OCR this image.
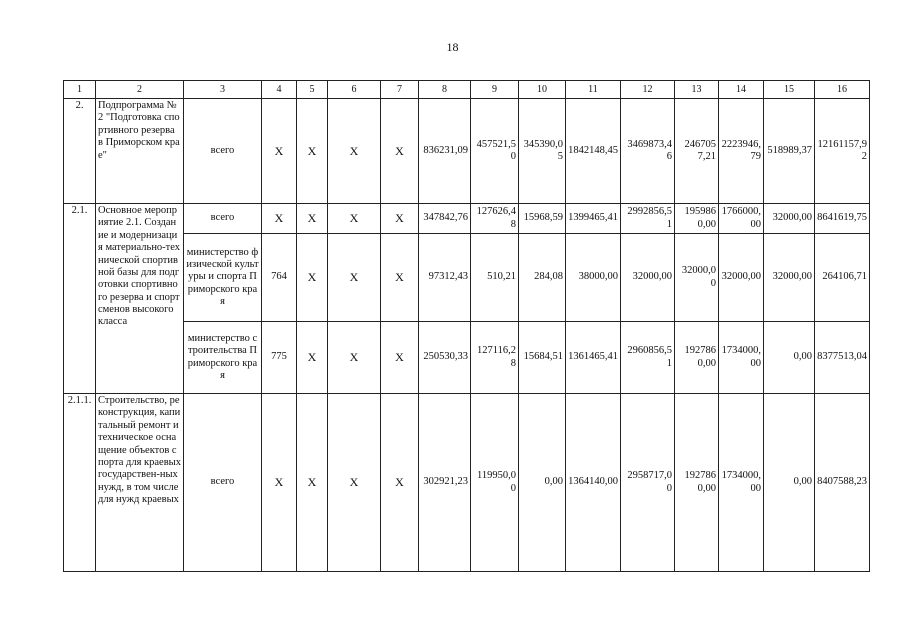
18
1	2	3	4	5	6	7	8	9	10	11	12	13	14	15	16
2.	Подпрограмма № 2 "Подготовка спортивного резерва в Приморском крае"	всего	Х	Х	Х	Х	836231,09	457521,50	345390,05	1842148,45	3469873,46	2467057,21	2223946,79	518989,37	12161157,92
2.1.	Основное мероприятие 2.1. Создание и модернизация материально-технической спортивной базы для подготовки спортивного резерва и спортсменов высокого класса	всего	Х	Х	Х	Х	347842,76	127626,48	15968,59	1399465,41	2992856,51	1959860,00	1766000,00	32000,00	8641619,75
		министерство физической культуры и спорта Приморского края	764	Х	Х	Х	97312,43	510,21	284,08	38000,00	32000,00	32000,00	32000,00	32000,00	264106,71
		министерство строительства Приморского края	775	Х	Х	Х	250530,33	127116,28	15684,51	1361465,41	2960856,51	1927860,00	1734000,00	0,00	8377513,04
2.1.1.	Строительство, реконструкция, капитальный ремонт и техническое оснащение объектов спорта для краевых государствен-ных нужд, в том числе для нужд краевых	всего	Х	Х	Х	Х	302921,23	119950,00	0,00	1364140,00	2958717,00	1927860,00	1734000,00	0,00	8407588,23
